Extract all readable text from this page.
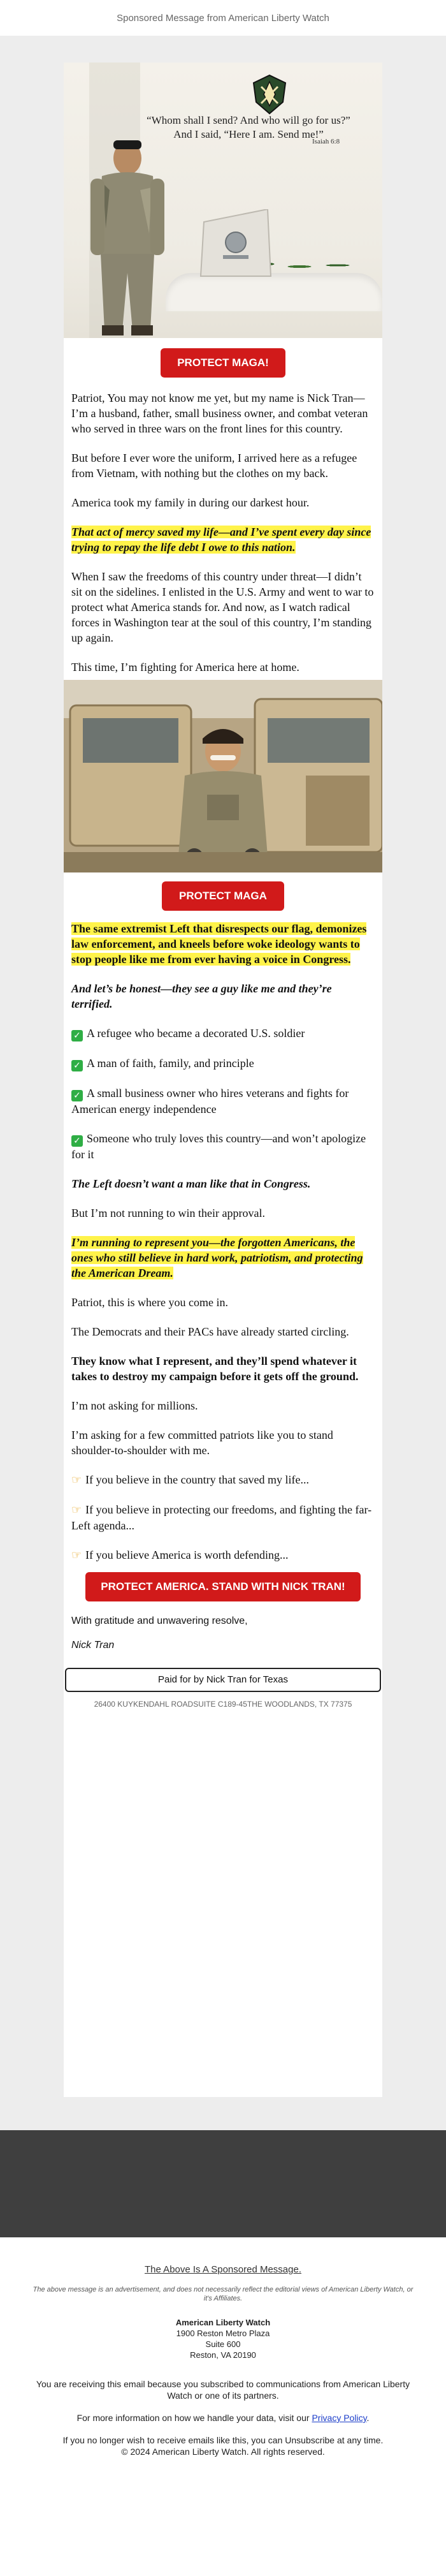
Sponsored Message from American Liberty Watch
“Whom shall I send? And who will go for us?”
And I said, “Here I am. Send me!”
Isaiah 6:8
PROTECT MAGA!

Patriot, You may not know me yet, but my name is Nick Tran—I’m a husband, father, small business owner, and combat veteran who served in three wars on the front lines for this country.

But before I ever wore the uniform, I arrived here as a refugee from Vietnam, with nothing but the clothes on my back.

America took my family in during our darkest hour.

That act of mercy saved my life—and I’ve spent every day since trying to repay the life debt I owe to this nation.

When I saw the freedoms of this country under threat—I didn’t sit on the sidelines. I enlisted in the U.S. Army and went to war to protect what America stands for. And now, as I watch radical forces in Washington tear at the soul of this country, I’m standing up again.

This time, I’m fighting for America here at home.

PROTECT MAGA

The same extremist Left that disrespects our flag, demonizes law enforcement, and kneels before woke ideology wants to stop people like me from ever having a voice in Congress.

And let’s be honest—they see a guy like me and they’re terrified.

✓ A refugee who became a decorated U.S. soldier

✓ A man of faith, family, and principle

✓ A small business owner who hires veterans and fights for American energy independence

✓ Someone who truly loves this country—and won’t apologize for it

The Left doesn’t want a man like that in Congress.

But I’m not running to win their approval.

I’m running to represent you—the forgotten Americans, the ones who still believe in hard work, patriotism, and protecting the American Dream.

Patriot, this is where you come in.

The Democrats and their PACs have already started circling.

They know what I represent, and they’ll spend whatever it takes to destroy my campaign before it gets off the ground.

I’m not asking for millions.

I’m asking for a few committed patriots like you to stand shoulder-to-shoulder with me.

☞ If you believe in the country that saved my life...

☞ If you believe in protecting our freedoms, and fighting the far-Left agenda...

☞ If you believe America is worth defending...

PROTECT AMERICA. STAND WITH NICK TRAN!
With gratitude and unwavering resolve,
Nick Tran
Paid for by Nick Tran for Texas
26400 KUYKENDAHL ROADSUITE C189-45THE WOODLANDS, TX 77375
The Above Is A Sponsored Message.
The above message is an advertisement, and does not necessarily reflect the editorial views of American Liberty Watch, or it's Affiliates.
American Liberty Watch
1900 Reston Metro Plaza
Suite 600
Reston, VA 20190
You are receiving this email because you subscribed to communications from American Liberty Watch or one of its partners.
For more information on how we handle your data, visit our Privacy Policy.
If you no longer wish to receive emails like this, you can Unsubscribe at any time.
© 2024 American Liberty Watch. All rights reserved.
